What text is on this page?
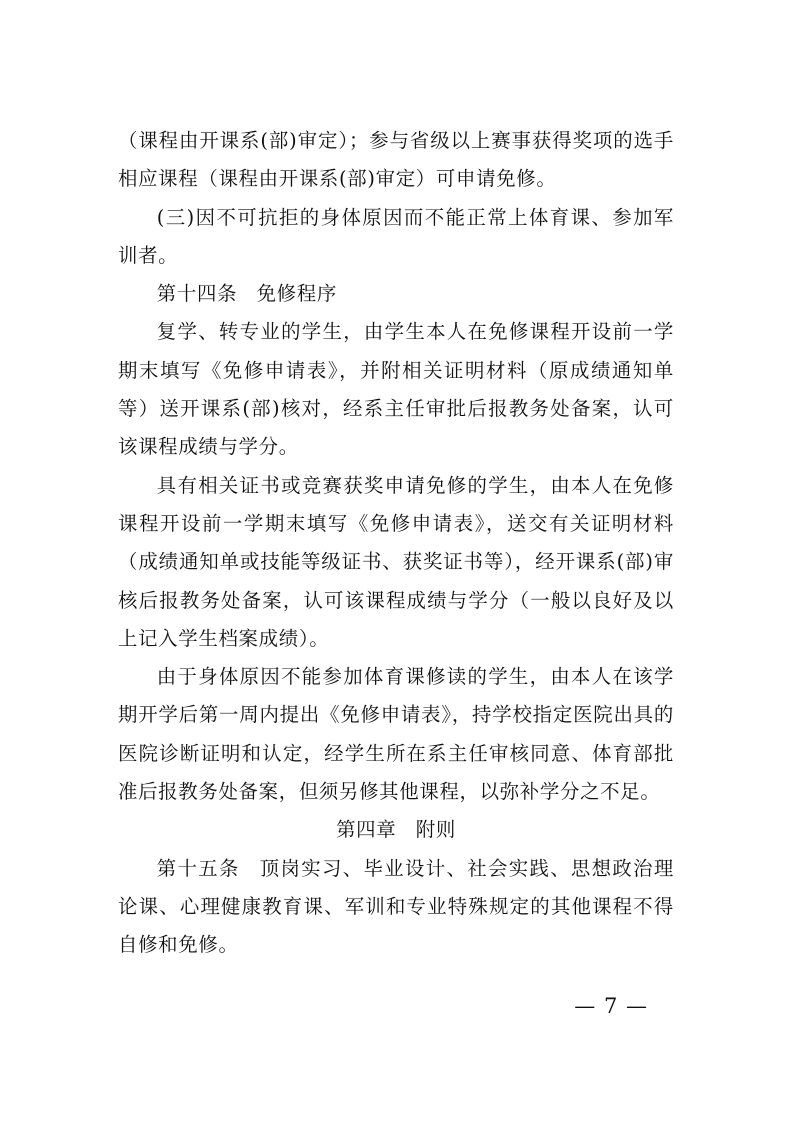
（课程由开课系(部)审定）；参与省级以上赛事获得奖项的选手相应课程（课程由开课系(部)审定）可申请免修。

(三)因不可抗拒的身体原因而不能正常上体育课、参加军训者。

第十四条 免修程序

复学、转专业的学生，由学生本人在免修课程开设前一学期末填写《免修申请表》，并附相关证明材料（原成绩通知单等）送开课系(部)核对，经系主任审批后报教务处备案，认可该课程成绩与学分。

具有相关证书或竞赛获奖申请免修的学生，由本人在免修课程开设前一学期末填写《免修申请表》，送交有关证明材料（成绩通知单或技能等级证书、获奖证书等），经开课系(部)审核后报教务处备案，认可该课程成绩与学分（一般以良好及以上记入学生档案成绩）。

由于身体原因不能参加体育课修读的学生，由本人在该学期开学后第一周内提出《免修申请表》，持学校指定医院出具的医院诊断证明和认定，经学生所在系主任审核同意、体育部批准后报教务处备案，但须另修其他课程，以弥补学分之不足。

第四章 附则

第十五条 顶岗实习、毕业设计、社会实践、思想政治理论课、心理健康教育课、军训和专业特殊规定的其他课程不得自修和免修。

— 7 —
